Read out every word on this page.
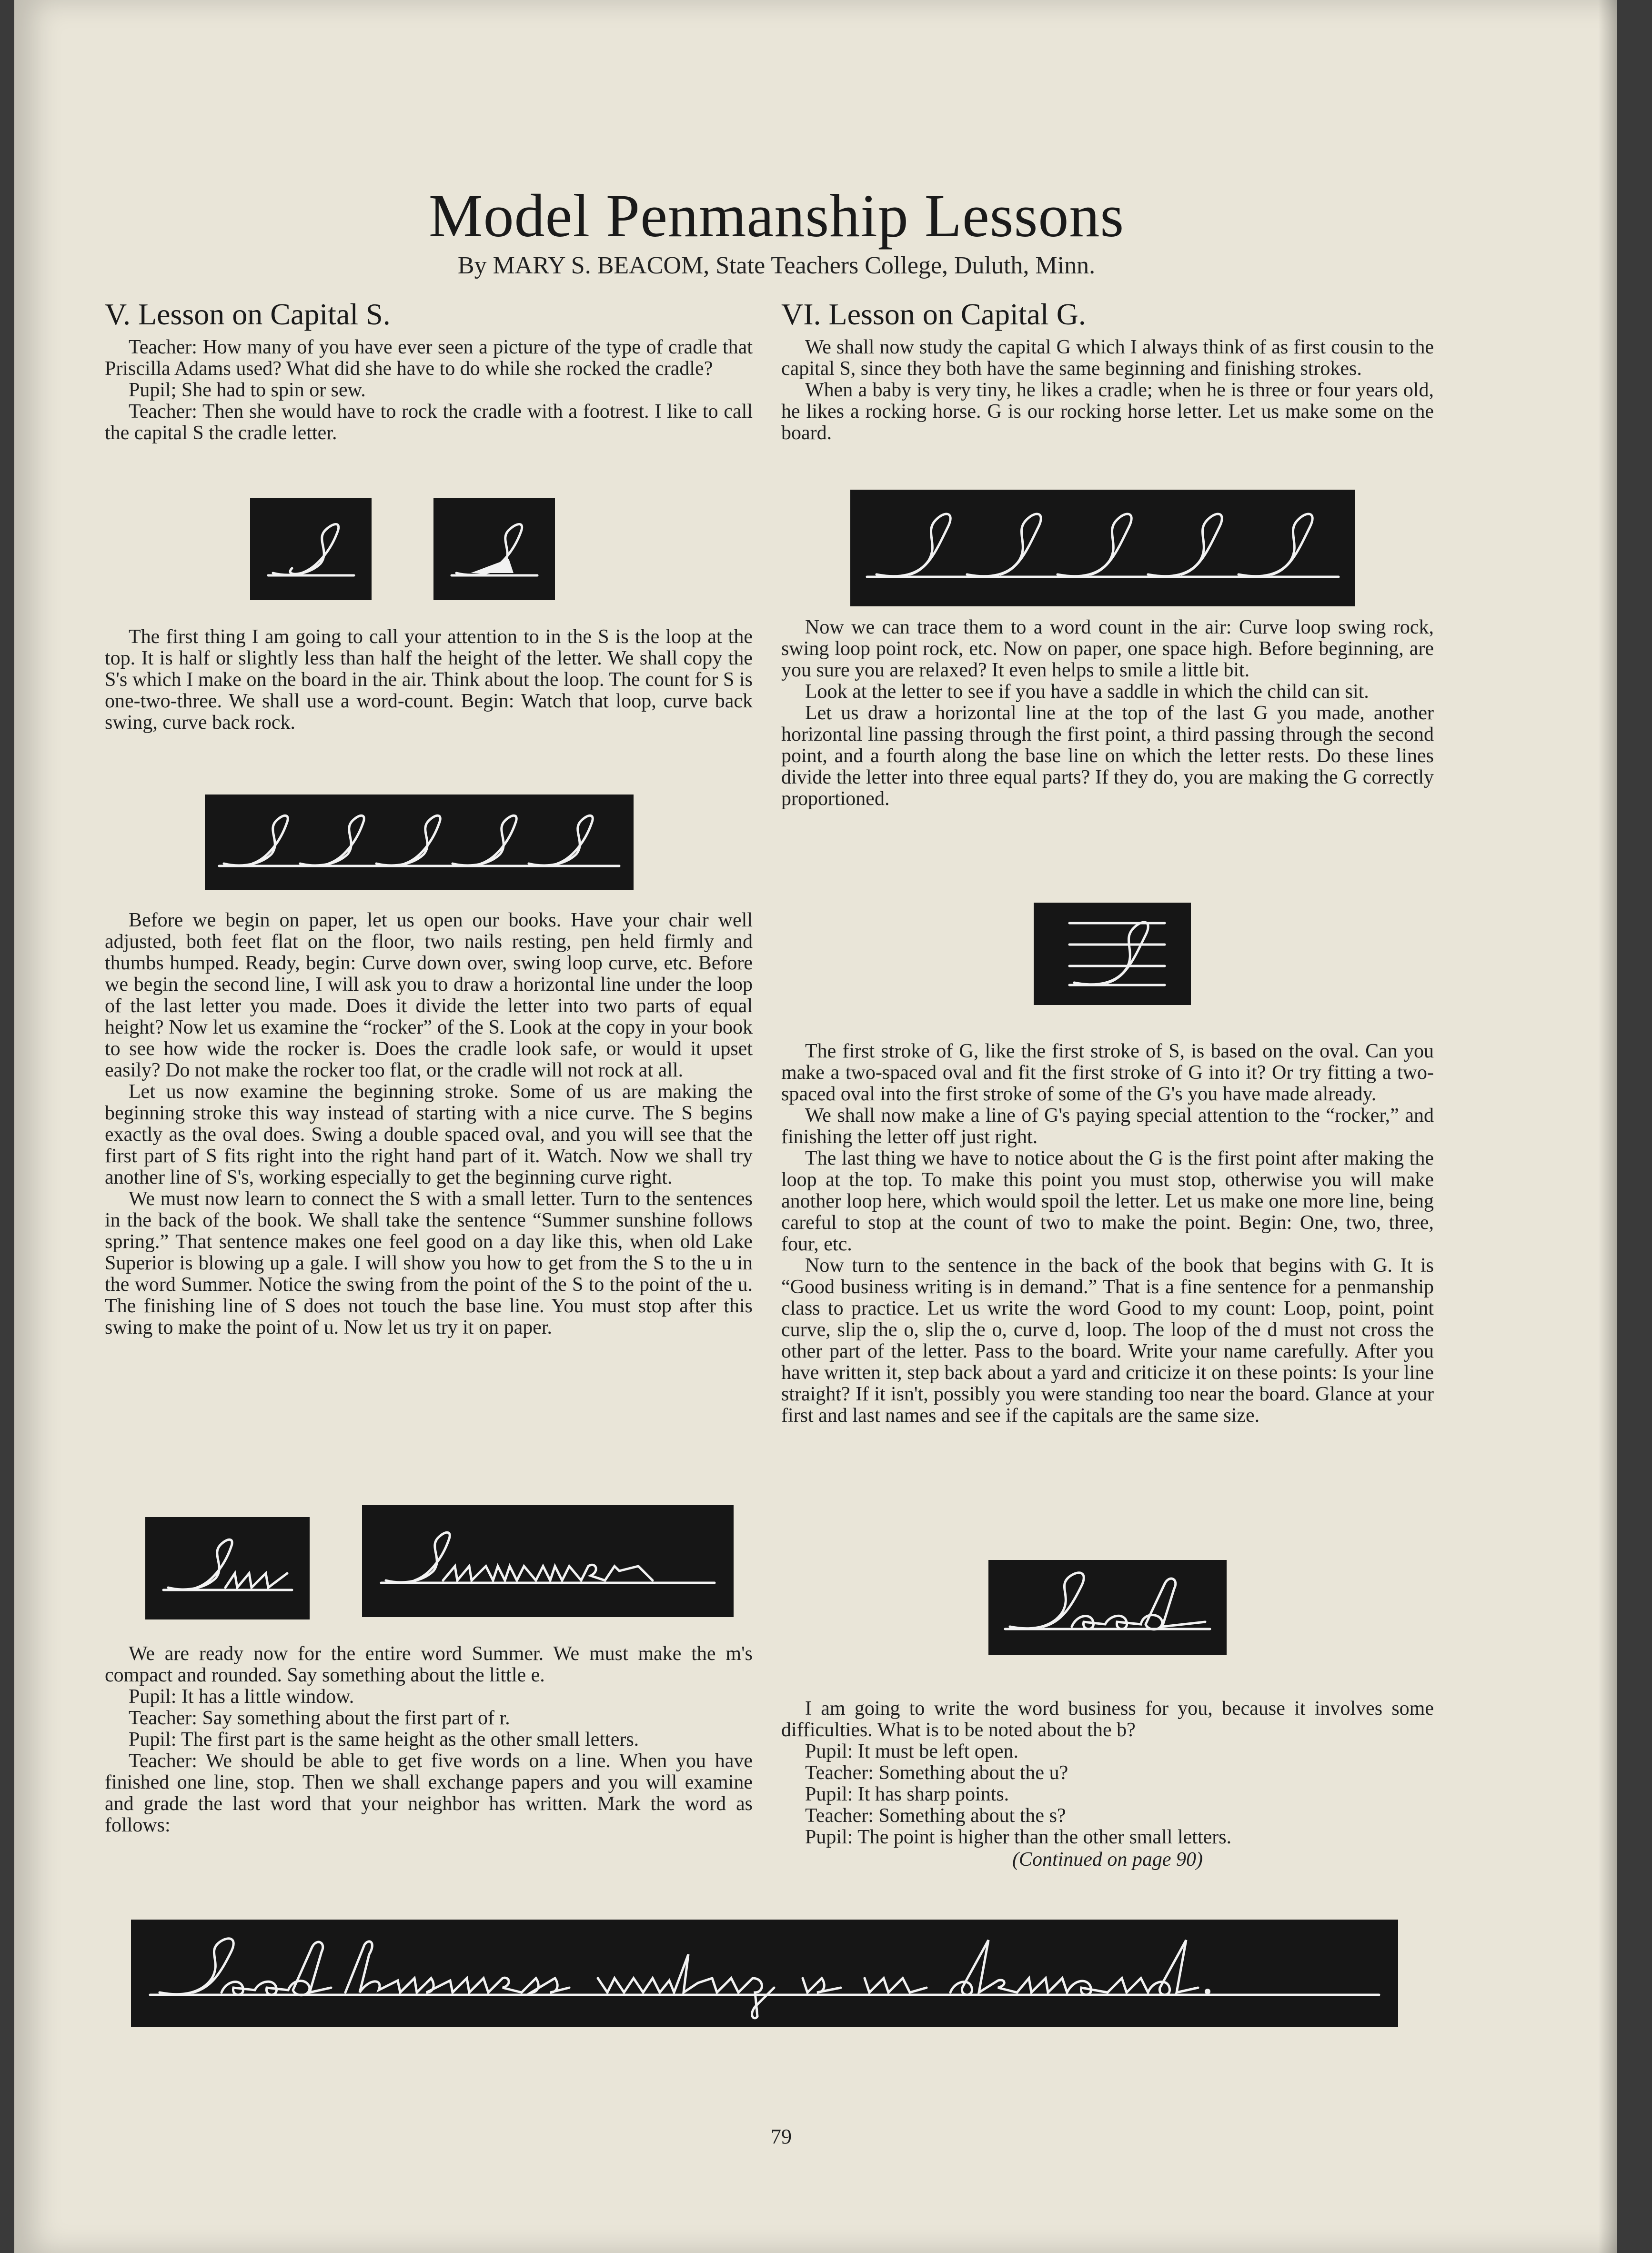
Model Penmanship Lessons
By MARY S. BEACOM, State Teachers College, Duluth, Minn.
V. Lesson on Capital S.

Teacher: How many of you have ever seen a picture of the type of cradle that Priscilla Adams used? What did she have to do while she rocked the cradle?

Pupil; She had to spin or sew.

Teacher: Then she would have to rock the cradle with a footrest. I like to call the capital S the cradle letter.

The first thing I am going to call your attention to in the S is the loop at the top. It is half or slightly less than half the height of the letter. We shall copy the S's which I make on the board in the air. Think about the loop. The count for S is one-two-three. We shall use a word-count. Begin: Watch that loop, curve back swing, curve back rock.

Before we begin on paper, let us open our books. Have your chair well adjusted, both feet flat on the floor, two nails resting, pen held firmly and thumbs humped. Ready, begin: Curve down over, swing loop curve, etc. Before we begin the second line, I will ask you to draw a horizontal line under the loop of the last letter you made. Does it divide the letter into two parts of equal height? Now let us examine the “rocker” of the S. Look at the copy in your book to see how wide the rocker is. Does the cradle look safe, or would it upset easily? Do not make the rocker too flat, or the cradle will not rock at all.

Let us now examine the beginning stroke. Some of us are making the beginning stroke this way instead of starting with a nice curve. The S begins exactly as the oval does. Swing a double spaced oval, and you will see that the first part of S fits right into the right hand part of it. Watch. Now we shall try another line of S's, working especially to get the beginning curve right.

We must now learn to connect the S with a small letter. Turn to the sentences in the back of the book. We shall take the sentence “Summer sunshine follows spring.” That sentence makes one feel good on a day like this, when old Lake Superior is blowing up a gale. I will show you how to get from the S to the u in the word Summer. Notice the swing from the point of the S to the point of the u. The finishing line of S does not touch the base line. You must stop after this swing to make the point of u. Now let us try it on paper.

We are ready now for the entire word Summer. We must make the m's compact and rounded. Say something about the little e.

Pupil: It has a little window.

Teacher: Say something about the first part of r.

Pupil: The first part is the same height as the other small letters.

Teacher: We should be able to get five words on a line. When you have finished one line, stop. Then we shall exchange papers and you will examine and grade the last word that your neighbor has written. Mark the word as follows:

VI. Lesson on Capital G.

We shall now study the capital G which I always think of as first cousin to the capital S, since they both have the same beginning and finishing strokes.

When a baby is very tiny, he likes a cradle; when he is three or four years old, he likes a rocking horse. G is our rocking horse letter. Let us make some on the board.

Now we can trace them to a word count in the air: Curve loop swing rock, swing loop point rock, etc. Now on paper, one space high. Before beginning, are you sure you are relaxed? It even helps to smile a little bit.

Look at the letter to see if you have a saddle in which the child can sit.

Let us draw a horizontal line at the top of the last G you made, another horizontal line passing through the first point, a third passing through the second point, and a fourth along the base line on which the letter rests. Do these lines divide the letter into three equal parts? If they do, you are making the G correctly proportioned.

The first stroke of G, like the first stroke of S, is based on the oval. Can you make a two-spaced oval and fit the first stroke of G into it? Or try fitting a two-spaced oval into the first stroke of some of the G's you have made already.

We shall now make a line of G's paying special attention to the “rocker,” and finishing the letter off just right.

The last thing we have to notice about the G is the first point after making the loop at the top. To make this point you must stop, otherwise you will make another loop here, which would spoil the letter. Let us make one more line, being careful to stop at the count of two to make the point. Begin: One, two, three, four, etc.

Now turn to the sentence in the back of the book that begins with G. It is “Good business writing is in demand.” That is a fine sentence for a penmanship class to practice. Let us write the word Good to my count: Loop, point, point curve, slip the o, slip the o, curve d, loop. The loop of the d must not cross the other part of the letter. Pass to the board. Write your name carefully. After you have written it, step back about a yard and criticize it on these points: Is your line straight? If it isn't, possibly you were standing too near the board. Glance at your first and last names and see if the capitals are the same size.

I am going to write the word business for you, because it involves some difficulties. What is to be noted about the b?

Pupil: It must be left open.

Teacher: Something about the u?

Pupil: It has sharp points.

Teacher: Something about the s?

Pupil: The point is higher than the other small letters.

(Continued on page 90)
79
